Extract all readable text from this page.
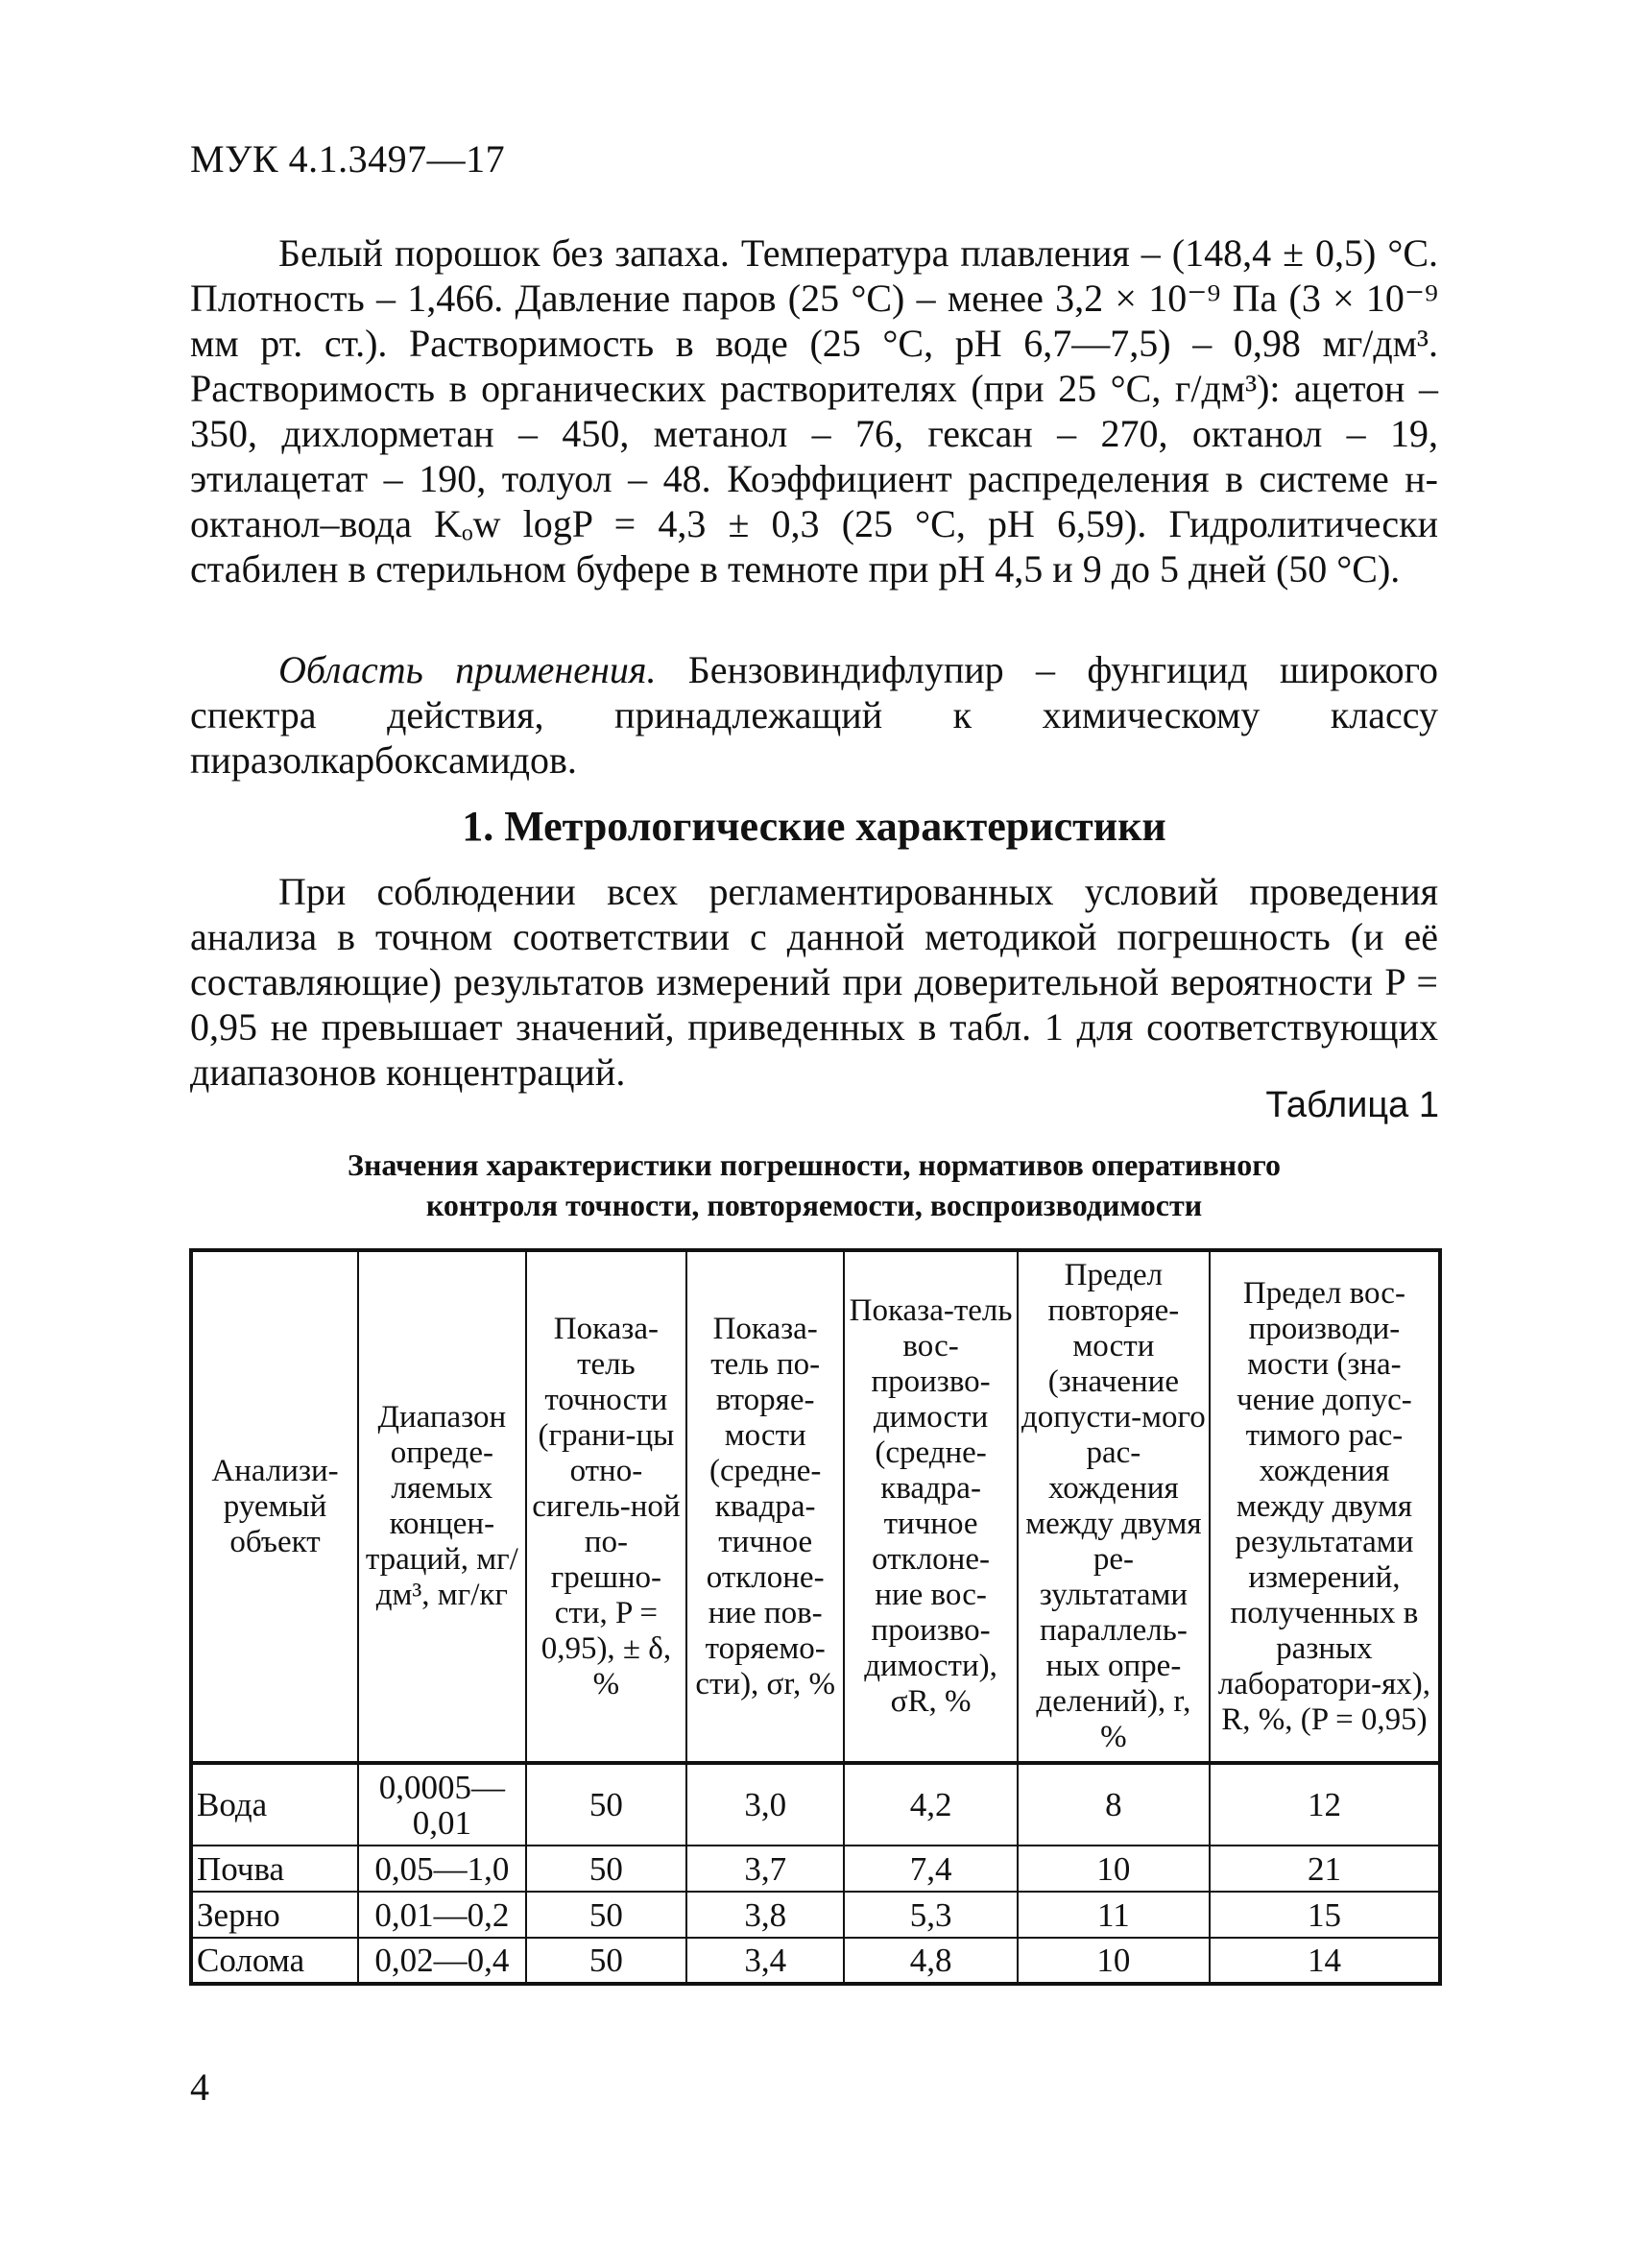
МУК 4.1.3497—17
Белый порошок без запаха. Температура плавления – (148,4 ± 0,5) °C. Плотность – 1,466. Давление паров (25 °C) – менее 3,2 × 10⁻⁹ Па (3 × 10⁻⁹ мм рт. ст.). Растворимость в воде (25 °C, pH 6,7—7,5) – 0,98 мг/дм³. Растворимость в органических растворителях (при 25 °C, г/дм³): ацетон – 350, дихлорметан – 450, метанол – 76, гексан – 270, октанол – 19, этилацетат – 190, толуол – 48. Коэффициент распределения в системе н-октанол–вода Kₒw logP = 4,3 ± 0,3 (25 °C, pH 6,59). Гидролитически стабилен в стерильном буфере в темноте при pH 4,5 и 9 до 5 дней (50 °C).
Область применения. Бензовиндифлупир – фунгицид широкого спектра действия, принадлежащий к химическому классу пиразолкарбоксамидов.
1. Метрологические характеристики
При соблюдении всех регламентированных условий проведения анализа в точном соответствии с данной методикой погрешность (и её составляющие) результатов измерений при доверительной вероятности P = 0,95 не превышает значений, приведенных в табл. 1 для соответствующих диапазонов концентраций.
Таблица 1
Значения характеристики погрешности, нормативов оперативного
контроля точности, повторяемости, воспроизводимости
Анализи-руемый объект	Диапазон опреде-ляемых концен-траций, мг/дм³, мг/кг	Показа-тель точности (грани-цы отно-сигель-ной по-грешно-сти, P = 0,95), ± δ, %	Показа-тель по-вторяе-мости (средне-квадра-тичное отклоне-ние пов-торяемо-сти), σr, %	Показа-тель вос-произво-димости (средне-квадра-тичное отклоне-ние вос-произво-димости), σR, %	Предел повторяе-мости (значение допусти-мого рас-хождения между двумя ре-зультатами параллель-ных опре-делений), r, %	Предел вос-производи-мости (зна-чение допус-тимого рас-хождения между двумя результатами измерений, полученных в разных лаборатори-ях), R, %, (P = 0,95)
Вода	0,0005—0,01	50	3,0	4,2	8	12
Почва	0,05—1,0	50	3,7	7,4	10	21
Зерно	0,01—0,2	50	3,8	5,3	11	15
Солома	0,02—0,4	50	3,4	4,8	10	14
4
